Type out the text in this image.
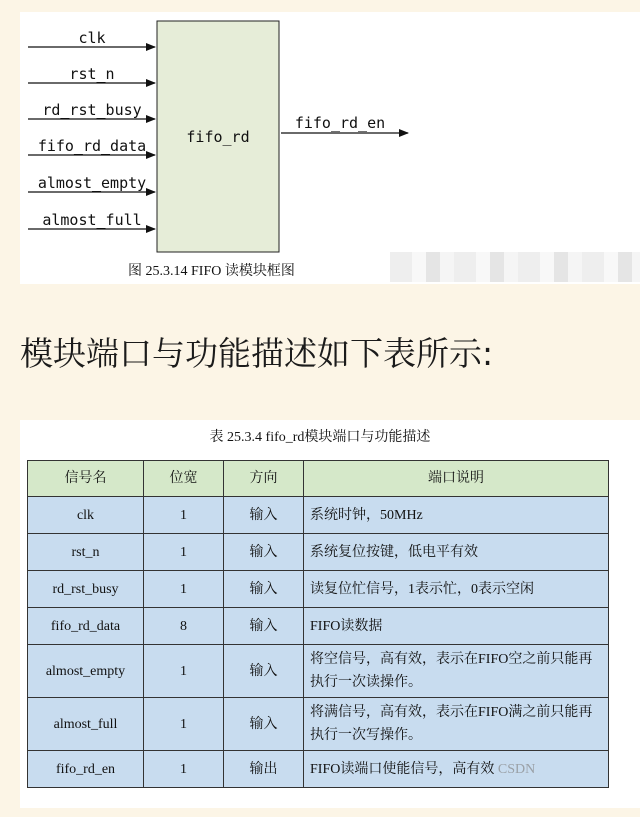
fifo_rd
clk
rst_n
rd_rst_busy
fifo_rd_data
almost_empty
almost_full
fifo_rd_en
图 25.3.14 FIFO 读模块框图
模块端口与功能描述如下表所示:
表 25.3.4 fifo_rd模块端口与功能描述
信号名	位宽	方向	端口说明
clk	1	输入	系统时钟，50MHz
rst_n	1	输入	系统复位按键，低电平有效
rd_rst_busy	1	输入	读复位忙信号，1表示忙，0表示空闲
fifo_rd_data	8	输入	FIFO读数据
almost_empty	1	输入	将空信号，高有效，表示在FIFO空之前只能再执行一次读操作。
almost_full	1	输入	将满信号，高有效，表示在FIFO满之前只能再执行一次写操作。
fifo_rd_en	1	输出	FIFO读端口使能信号，高有效 CSDN
